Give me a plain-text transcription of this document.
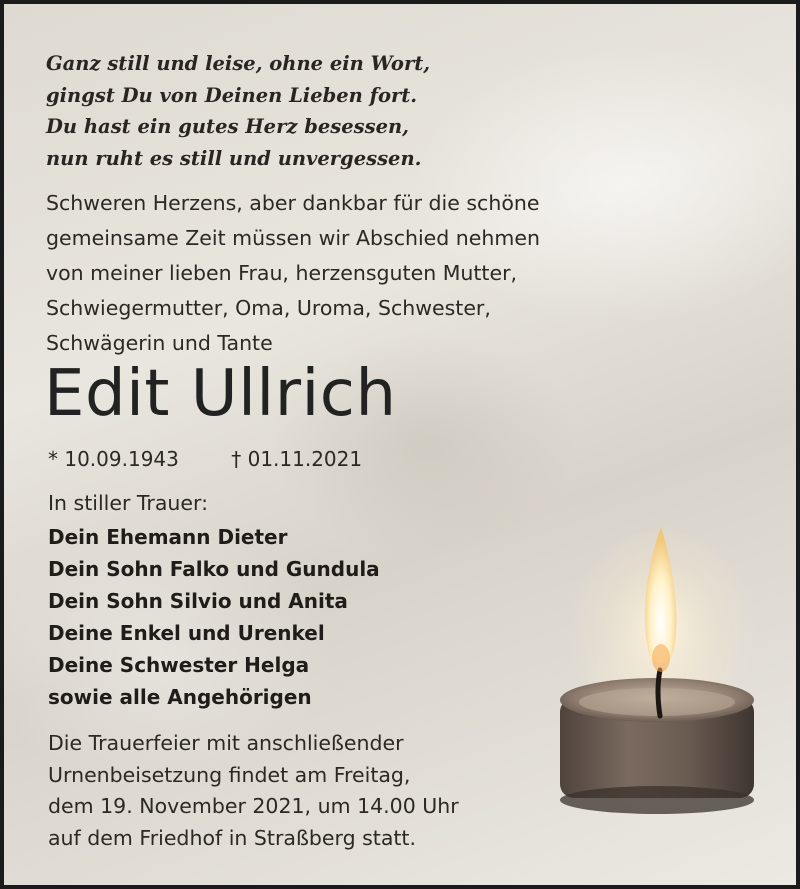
Ganz still und leise, ohne ein Wort,
gingst Du von Deinen Lieben fort.
Du hast ein gutes Herz besessen,
nun ruht es still und unvergessen.
Schweren Herzens, aber dankbar für die schöne
gemeinsame Zeit müssen wir Abschied nehmen
von meiner lieben Frau, herzensguten Mutter,
Schwiegermutter, Oma, Uroma, Schwester,
Schwägerin und Tante
Edit Ullrich
* 10.09.1943	† 01.11.2021
In stiller Trauer:
Dein Ehemann Dieter
Dein Sohn Falko und Gundula
Dein Sohn Silvio und Anita
Deine Enkel und Urenkel
Deine Schwester Helga
sowie alle Angehörigen
Die Trauerfeier mit anschließender
Urnenbeisetzung findet am Freitag,
dem 19. November 2021, um 14.00 Uhr
auf dem Friedhof in Straßberg statt.
